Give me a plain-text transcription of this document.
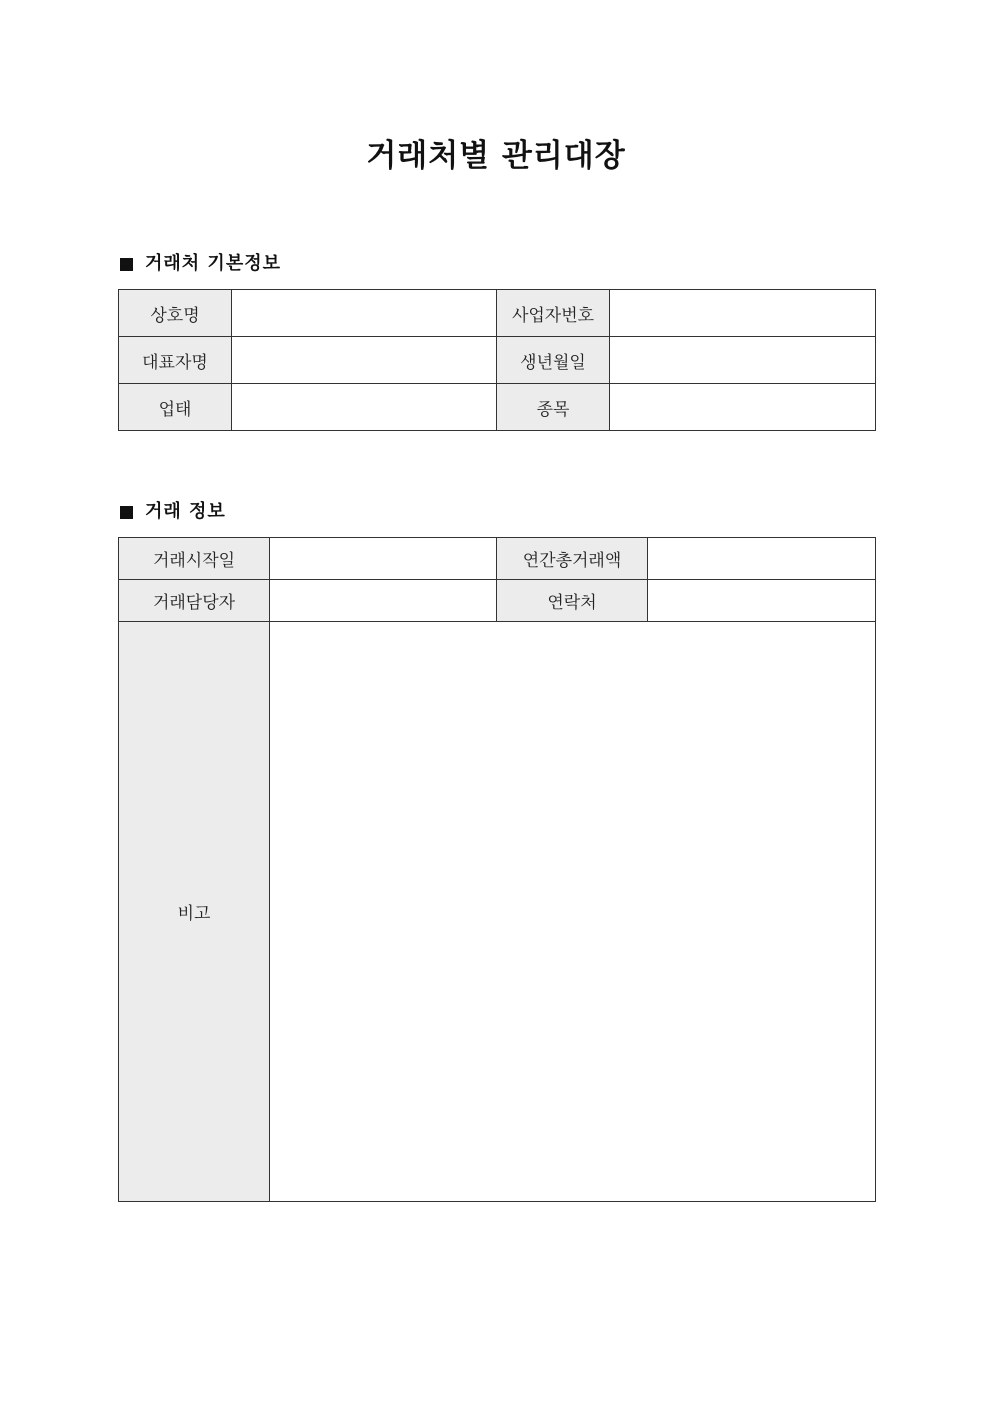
거래처별 관리대장
거래처 기본정보
상호명		사업자번호	
대표자명		생년월일	
업태		종목	
거래 정보
거래시작일		연간총거래액	
거래담당자		연락처	
비고			
